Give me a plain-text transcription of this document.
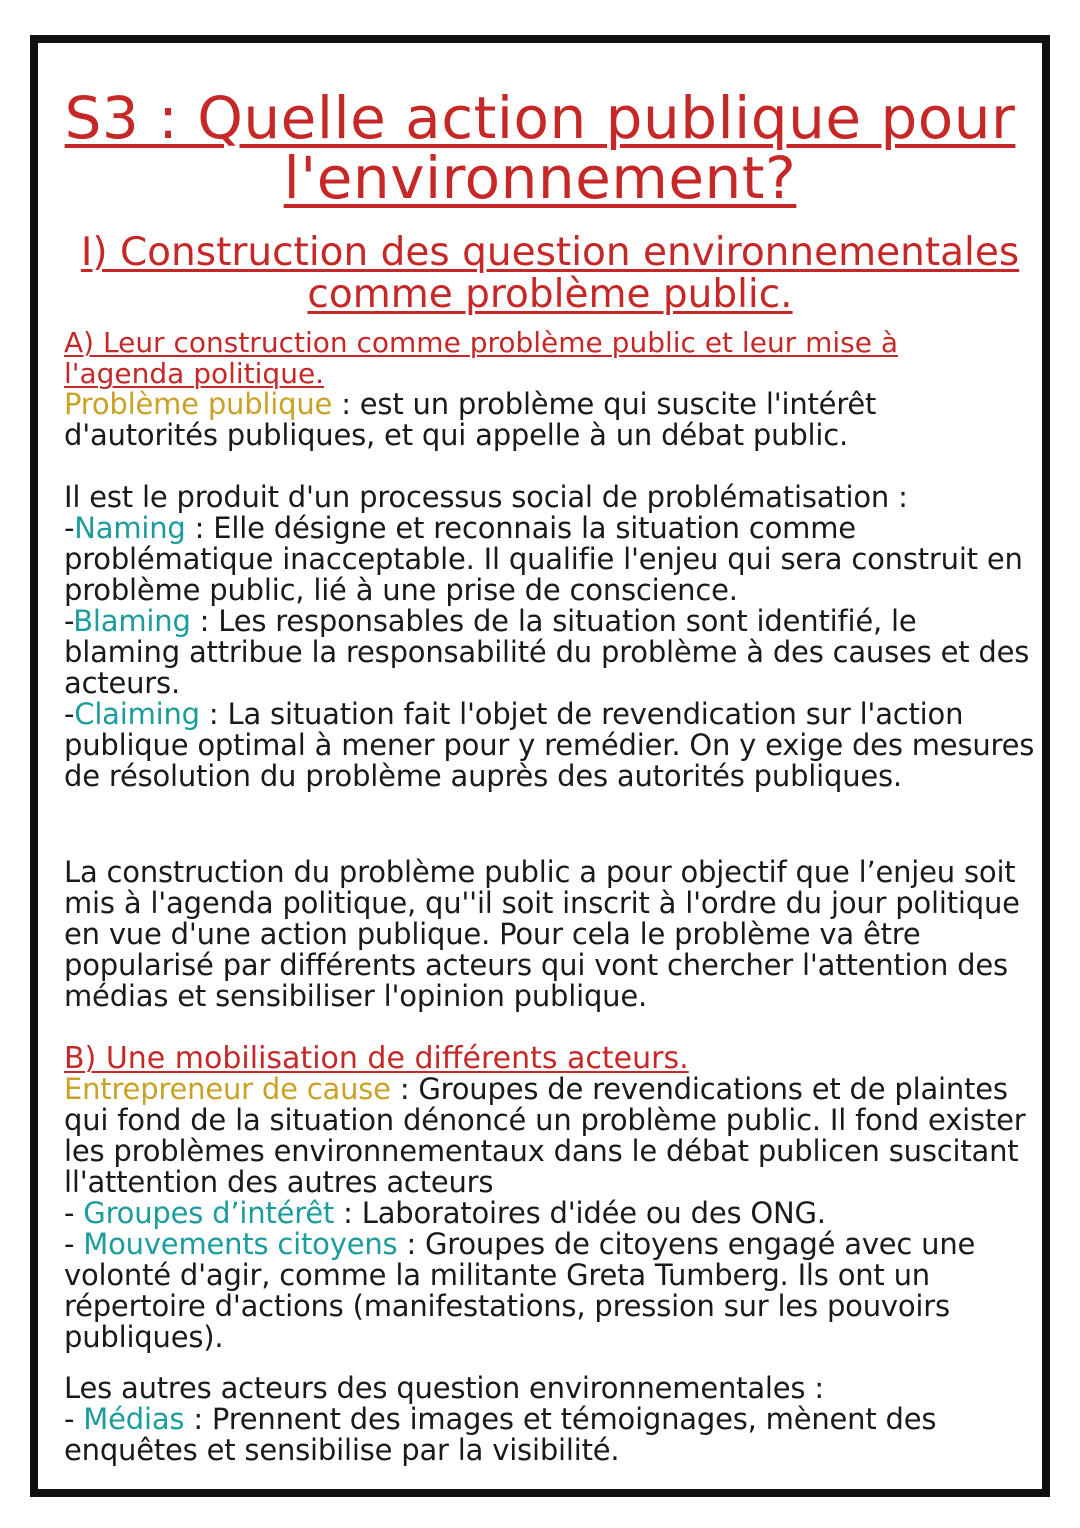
S3 : Quelle action publique pour
l'environnement?
I) Construction des question environnementales
comme problème public.
A) Leur construction comme problème public et leur mise à
l'agenda politique.
Problème publique : est un problème qui suscite l'intérêt d'autorités publiques, et qui appelle à un débat public.
Il est le produit d'un processus social de problématisation :
-Naming : Elle désigne et reconnais la situation comme problématique inacceptable. Il qualifie l'enjeu qui sera construit en problème public, lié à une prise de conscience.
-Blaming : Les responsables de la situation sont identifié, le blaming attribue la responsabilité du problème à des causes et des acteurs.
-Claiming : La situation fait l'objet de revendication sur l'action publique optimal à mener pour y remédier. On y exige des mesures de résolution du problème auprès des autorités publiques.
La construction du problème public a pour objectif que l’enjeu soit mis à l'agenda politique, qu''il soit inscrit à l'ordre du jour politique en vue d'une action publique. Pour cela le problème va être popularisé par différents acteurs qui vont chercher l'attention des médias et sensibiliser l'opinion publique.
B) Une mobilisation de différents acteurs.
Entrepreneur de cause : Groupes de revendications et de plaintes qui fond de la situation dénoncé un problème public. Il fond exister les problèmes environnementaux dans le débat publicen suscitant ll'attention des autres acteurs
- Groupes d’intérêt : Laboratoires d'idée ou des ONG.
- Mouvements citoyens : Groupes de citoyens engagé avec une volonté d'agir, comme la militante Greta Tumberg. Ils ont un répertoire d'actions (manifestations, pression sur les pouvoirs publiques).
Les autres acteurs des question environnementales :
- Médias : Prennent des images et témoignages, mènent des enquêtes et sensibilise par la visibilité.
